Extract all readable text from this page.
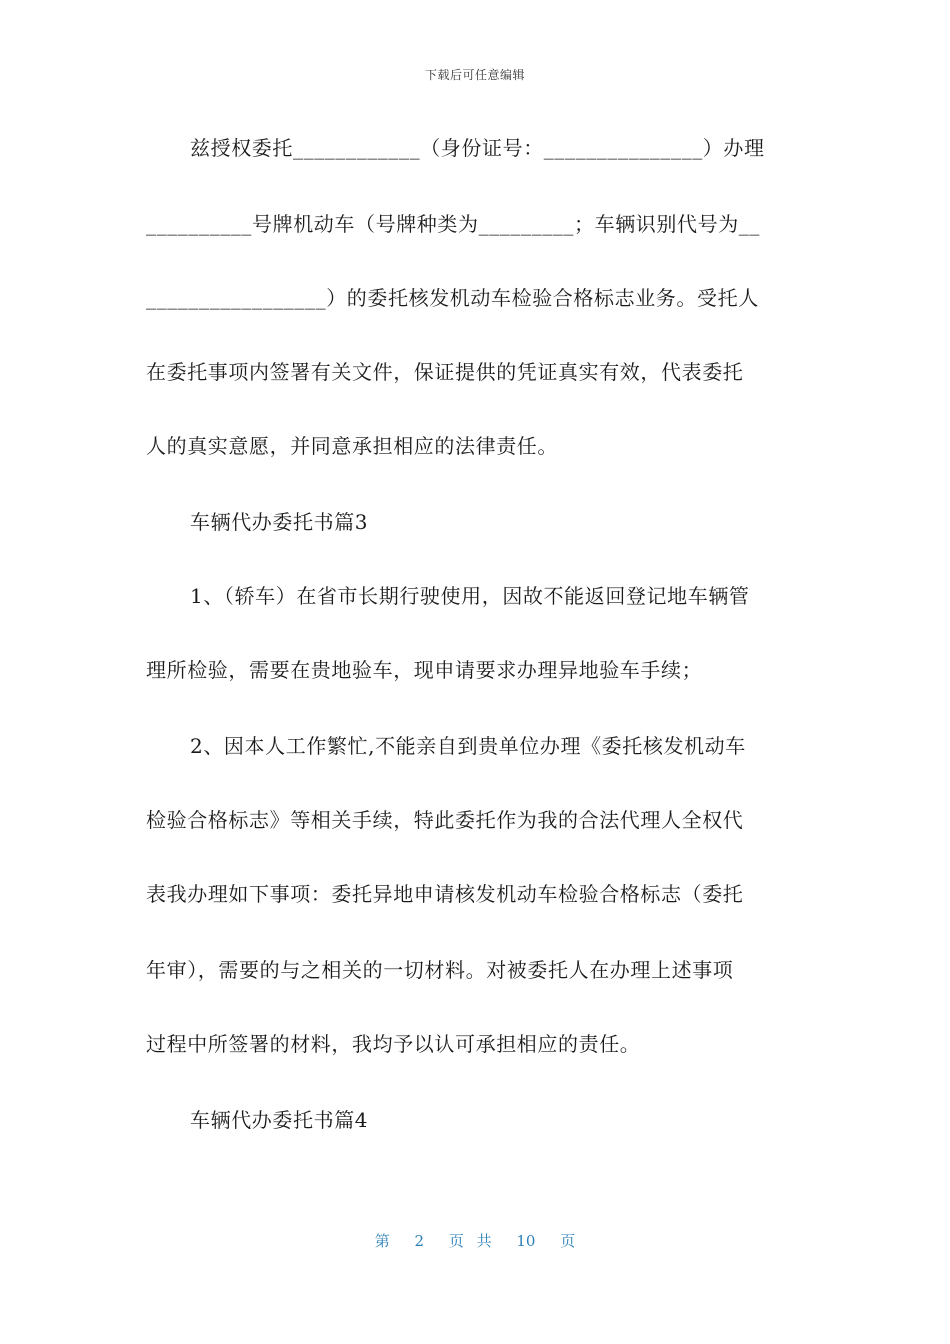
下载后可任意编辑
兹授权委托____________（身份证号：_______________）办理
__________号牌机动车（号牌种类为_________；车辆识别代号为__
_________________）的委托核发机动车检验合格标志业务。受托人
在委托事项内签署有关文件，保证提供的凭证真实有效，代表委托
人的真实意愿，并同意承担相应的法律责任。
车辆代办委托书篇3
1、（轿车）在省市长期行驶使用，因故不能返回登记地车辆管
理所检验，需要在贵地验车，现申请要求办理异地验车手续；
2、因本人工作繁忙,不能亲自到贵单位办理《委托核发机动车
检验合格标志》等相关手续，特此委托作为我的合法代理人全权代
表我办理如下事项：委托异地申请核发机动车检验合格标志（委托
年审），需要的与之相关的一切材料。对被委托人在办理上述事项
过程中所签署的材料，我均予以认可承担相应的责任。
车辆代办委托书篇4
第 2 页 共 10 页
